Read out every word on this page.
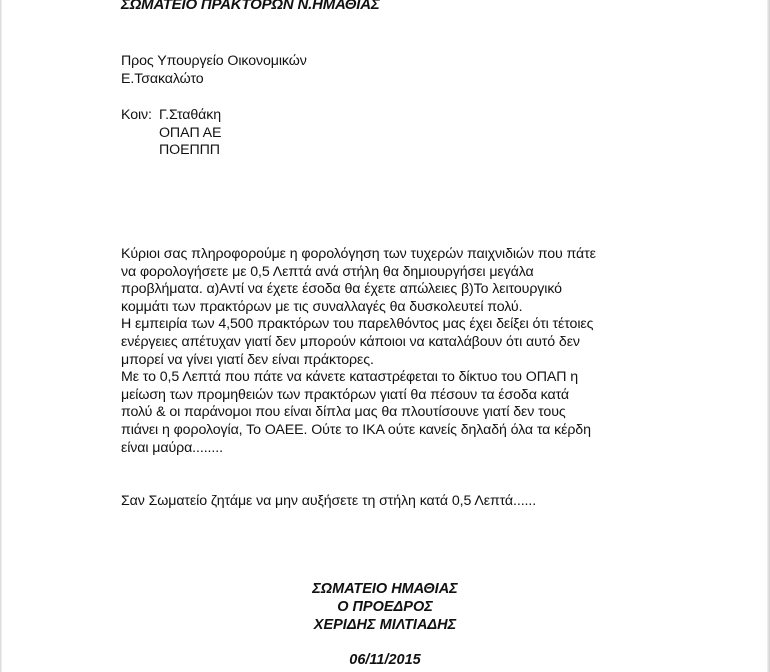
ΣΩΜΑΤΕΙΟ ΠΡΑΚΤΟΡΩΝ Ν.ΗΜΑΘΙΑΣ
Προς Υπουργείο Οικονομικών
Ε.Τσακαλώτο
Κοιν: Γ.Σταθάκη
ΟΠΑΠ ΑΕ
ΠΟΕΠΠΠ
Κύριοι σας πληροφορούμε η φορολόγηση των τυχερών παιχνιδιών που πάτε
να φορολογήσετε με 0,5 Λεπτά ανά στήλη θα δημιουργήσει μεγάλα
προβλήματα. α)Αντί να έχετε έσοδα θα έχετε απώλειες β)Το λειτουργικό
κομμάτι των πρακτόρων με τις συναλλαγές θα δυσκολευτεί πολύ.
Η εμπειρία των 4,500 πρακτόρων του παρελθόντος μας έχει δείξει ότι τέτοιες
ενέργειες απέτυχαν γιατί δεν μπορούν κάποιοι να καταλάβουν ότι αυτό δεν
μπορεί να γίνει γιατί δεν είναι πράκτορες.
Με το 0,5 Λεπτά που πάτε να κάνετε καταστρέφεται το δίκτυο του ΟΠΑΠ η
μείωση των προμηθειών των πρακτόρων γιατί θα πέσουν τα έσοδα κατά
πολύ & οι παράνομοι που είναι δίπλα μας θα πλουτίσουνε γιατί δεν τους
πιάνει η φορολογία, Το ΟΑΕΕ. Ούτε το ΙΚΑ ούτε κανείς δηλαδή όλα τα κέρδη
είναι μαύρα........
Σαν Σωματείο ζητάμε να μην αυξήσετε τη στήλη κατά 0,5 Λεπτά......
ΣΩΜΑΤΕΙΟ ΗΜΑΘΙΑΣ
Ο ΠΡΟΕΔΡΟΣ
ΧΕΡΙΔΗΣ ΜΙΛΤΙΑΔΗΣ
06/11/2015
